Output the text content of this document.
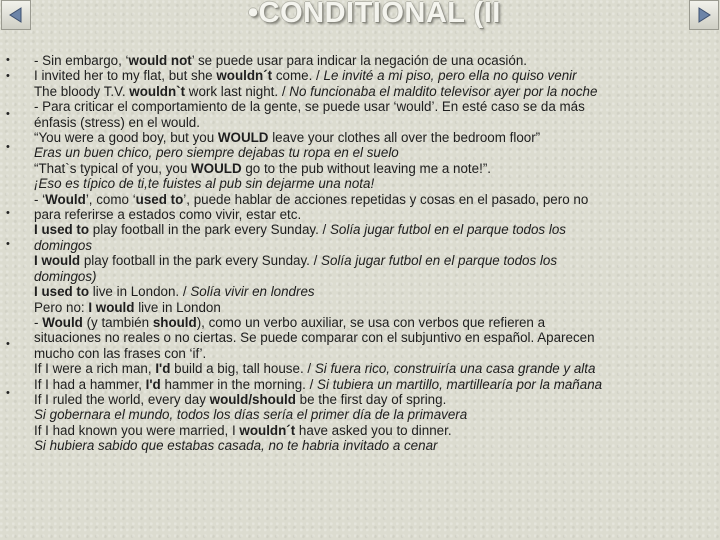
•CONDITIONAL (II
•
•
•
•
•
•
•
•
- Sin embargo, ‘would not’ se puede usar para indicar la negación de una ocasión.
I invited her to my flat, but she wouldn´t come. / Le invité a mi piso, pero ella no quiso venir
The bloody T.V. wouldn`t work last night. / No funcionaba el maldito televisor ayer por la noche
- Para criticar el comportamiento de la gente, se puede usar ‘would’. En esté caso se da más
énfasis (stress) en el would.
“You were a good boy, but you WOULD leave your clothes all over the bedroom floor”
Eras un buen chico, pero siempre dejabas tu ropa en el suelo
“That`s typical of you, you WOULD go to the pub without leaving me a note!”.
¡Eso es típico de ti,te fuistes al pub sin dejarme una nota!
- ‘Would’, como ‘used to’, puede hablar de acciones repetidas y cosas en el pasado, pero no
para referirse a estados como vivir, estar etc.
I used to play football in the park every Sunday. / Solía jugar futbol en el parque todos los
domingos
I would play football in the park every Sunday. / Solía jugar futbol en el parque todos los
domingos)
I used to live in London. / Solía vivir en londres
Pero no: I would live in London
- Would (y también should), como un verbo auxiliar, se usa con verbos que refieren a
situaciones no reales o no ciertas. Se puede comparar con el subjuntivo en español. Aparecen
mucho con las frases con ‘if’.
If I were a rich man, I'd build a big, tall house. / Si fuera rico, construiría una casa grande y alta
If I had a hammer, I'd hammer in the morning. / Si tubiera un martillo, martillearía por la mañana
If I ruled the world, every day would/should be the first day of spring.
Si gobernara el mundo, todos los días sería el primer día de la primavera
If I had known you were married, I wouldn´t have asked you to dinner.
Si hubiera sabido que estabas casada, no te habria invitado a cenar
